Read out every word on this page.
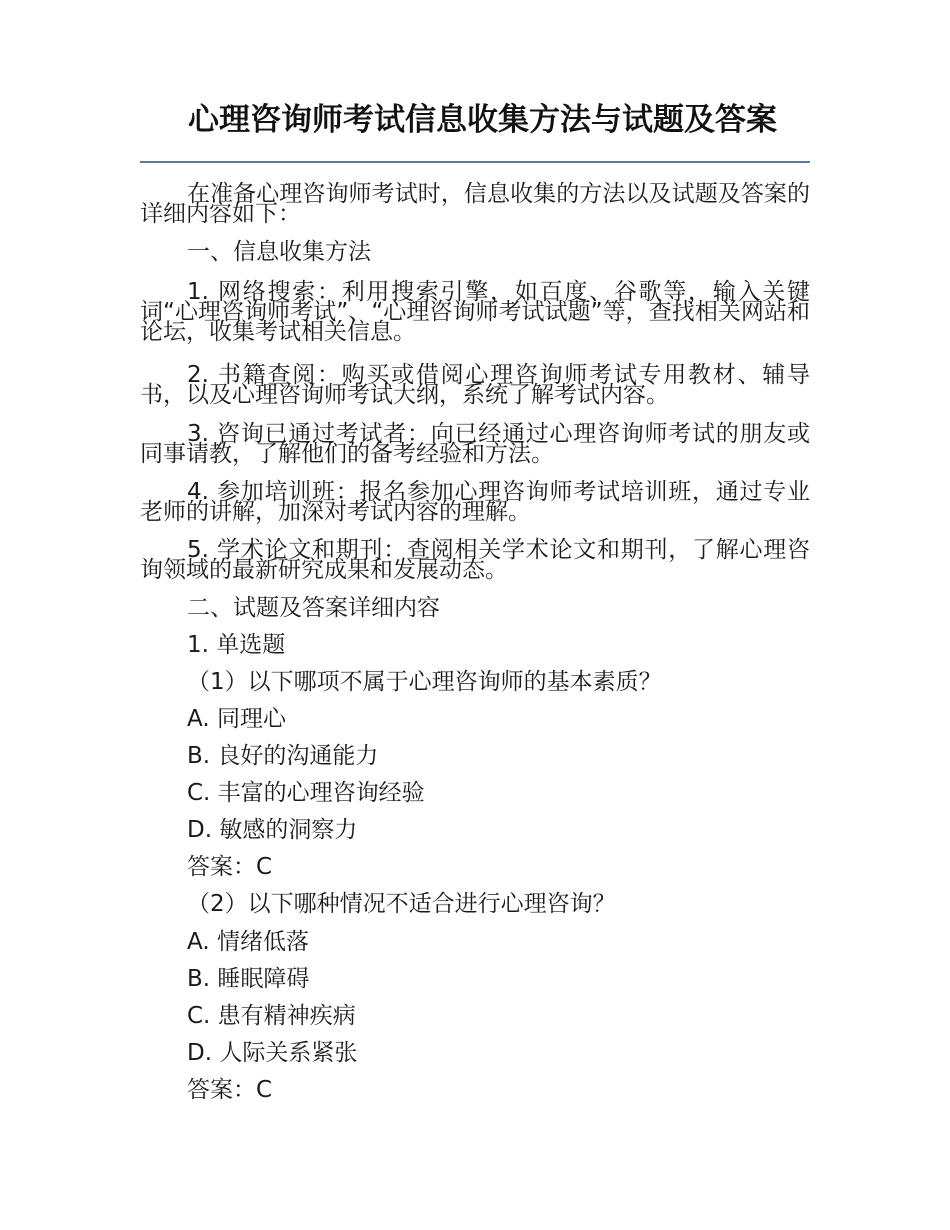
心理咨询师考试信息收集方法与试题及答案

在准备心理咨询师考试时，信息收集的方法以及试题及答案的详细内容如下：

一、信息收集方法

1. 网络搜索：利用搜索引擎，如百度、谷歌等，输入关键词“心理咨询师考试”、“心理咨询师考试试题”等，查找相关网站和论坛，收集考试相关信息。

2. 书籍查阅：购买或借阅心理咨询师考试专用教材、辅导书，以及心理咨询师考试大纲，系统了解考试内容。

3. 咨询已通过考试者：向已经通过心理咨询师考试的朋友或同事请教，了解他们的备考经验和方法。

4. 参加培训班：报名参加心理咨询师考试培训班，通过专业老师的讲解，加深对考试内容的理解。

5. 学术论文和期刊：查阅相关学术论文和期刊，了解心理咨询领域的最新研究成果和发展动态。

二、试题及答案详细内容

1. 单选题

（1）以下哪项不属于心理咨询师的基本素质？

A. 同理心

B. 良好的沟通能力

C. 丰富的心理咨询经验

D. 敏感的洞察力

答案：C

（2）以下哪种情况不适合进行心理咨询？

A. 情绪低落

B. 睡眠障碍

C. 患有精神疾病

D. 人际关系紧张

答案：C
